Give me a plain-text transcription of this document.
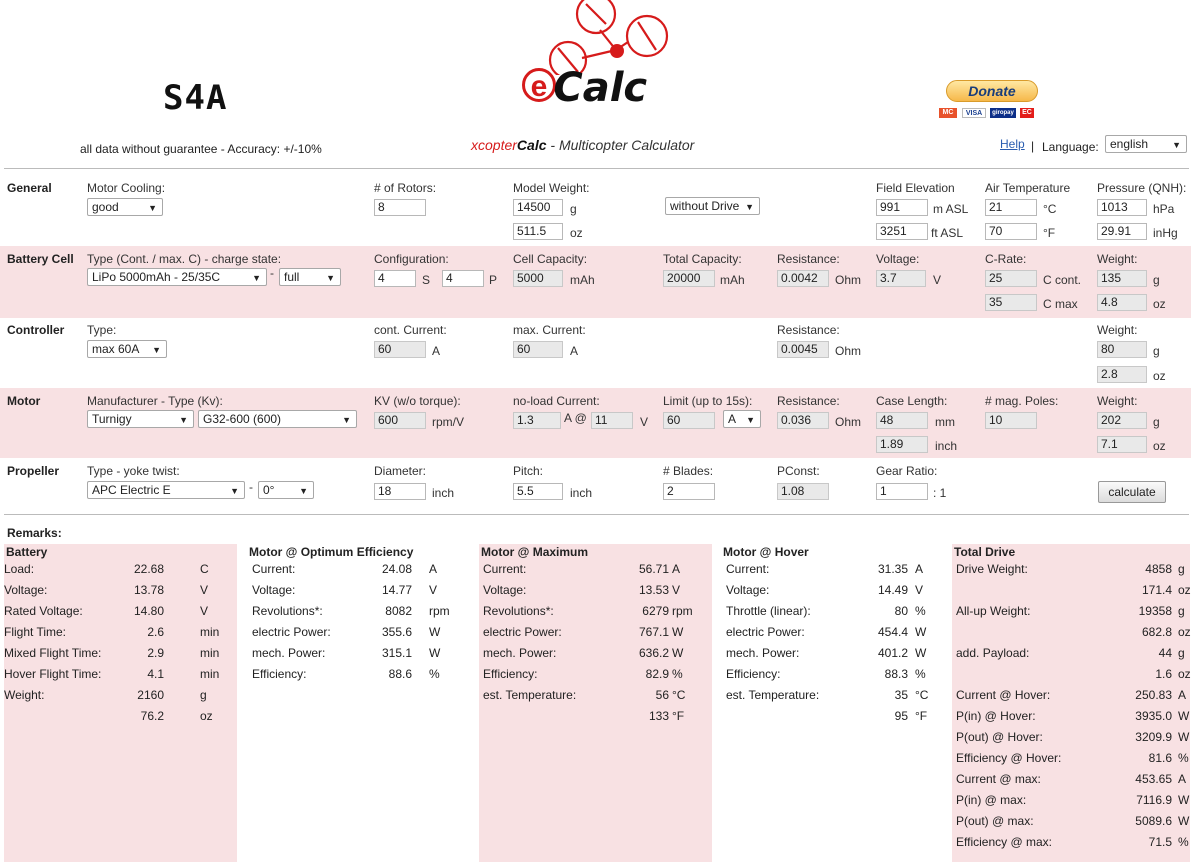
S4A
all data without guarantee - Accuracy: +/-10%
e Calc
xcopterCalc - Multicopter Calculator
Donate
MC	VISA	giropay	EC
Help | Language: english	▼
General	Motor Cooling:
good	▼
# of Rotors:
8
Model Weight:
14500	g
511.5	oz
without Drive ▼
Field Elevation
991	m ASL
3251	ft ASL
Air Temperature
21	°C
70	°F
Pressure (QNH):
1013	hPa
29.91	inHg
Battery Cell Type (Cont. / max. C) - charge state:
LiPo 5000mAh - 25/35C	▼ - full	▼
Configuration:
4	S	4	P
Cell Capacity:
5000	mAh
Total Capacity:
20000	mAh
Resistance:
0.0042	Ohm
Voltage:
3.7	V
C-Rate:
25	C cont.
35	C max
Weight:
135	g
4.8	oz
Controller Type:
max 60A ▼
cont. Current:
60	A
max. Current:
60	A
Resistance:
0.0045	Ohm
Weight:
80	g
2.8	oz
Motor	Manufacturer - Type (Kv):
Turnigy	▼	G32-600 (600)	▼
KV (w/o torque):
600	rpm/V
no-load Current:
1.3	A @ 11	V
Limit (up to 15s):
60	A ▼
Resistance:
0.036	Ohm
Case Length:
48	mm
1.89	inch
# mag. Poles:
10
Weight:
202	g
7.1	oz
Propeller Type - yoke twist:
APC Electric E	▼ - 0°	▼
Diameter:
18	inch
Pitch:
5.5	inch
# Blades:
2
PConst:
1.08
Gear Ratio:
1	: 1	calculate
Remarks:
Battery
Load:	22.68	C
Voltage:	13.78	V
Rated Voltage:	14.80	V
Flight Time:	2.6	min
Mixed Flight Time:	2.9	min
Hover Flight Time:	4.1	min
Weight:	2160	g
76.2	oz
Motor @ Optimum Efficiency
Current:	24.08 A
Voltage:	14.77 V
Revolutions*:	8082 rpm
electric Power:	355.6 W
mech. Power:	315.1 W
Efficiency:	88.6 %
Motor @ Maximum
Current:	56.71 A
Voltage:	13.53 V
Revolutions*:	6279 rpm
electric Power:	767.1 W
mech. Power:	636.2 W
Efficiency:	82.9 %
est. Temperature:	56 °C
133 °F
Motor @ Hover
Current:	31.35 A
Voltage:	14.49 V
Throttle (linear):	80 %
electric Power:	454.4 W
mech. Power:	401.2 W
Efficiency:	88.3 %
est. Temperature:	35 °C
95 °F
Total Drive
Drive Weight:	4858 g
171.4 oz
All-up Weight:	19358 g
682.8 oz
add. Payload:	44 g
1.6 oz
Current @ Hover:	250.83 A
P(in) @ Hover:	3935.0 W
P(out) @ Hover:	3209.9 W
Efficiency @ Hover:	81.6 %
Current @ max:	453.65 A
P(in) @ max:	7116.9 W
P(out) @ max:	5089.6 W
Efficiency @ max:	71.5 %
